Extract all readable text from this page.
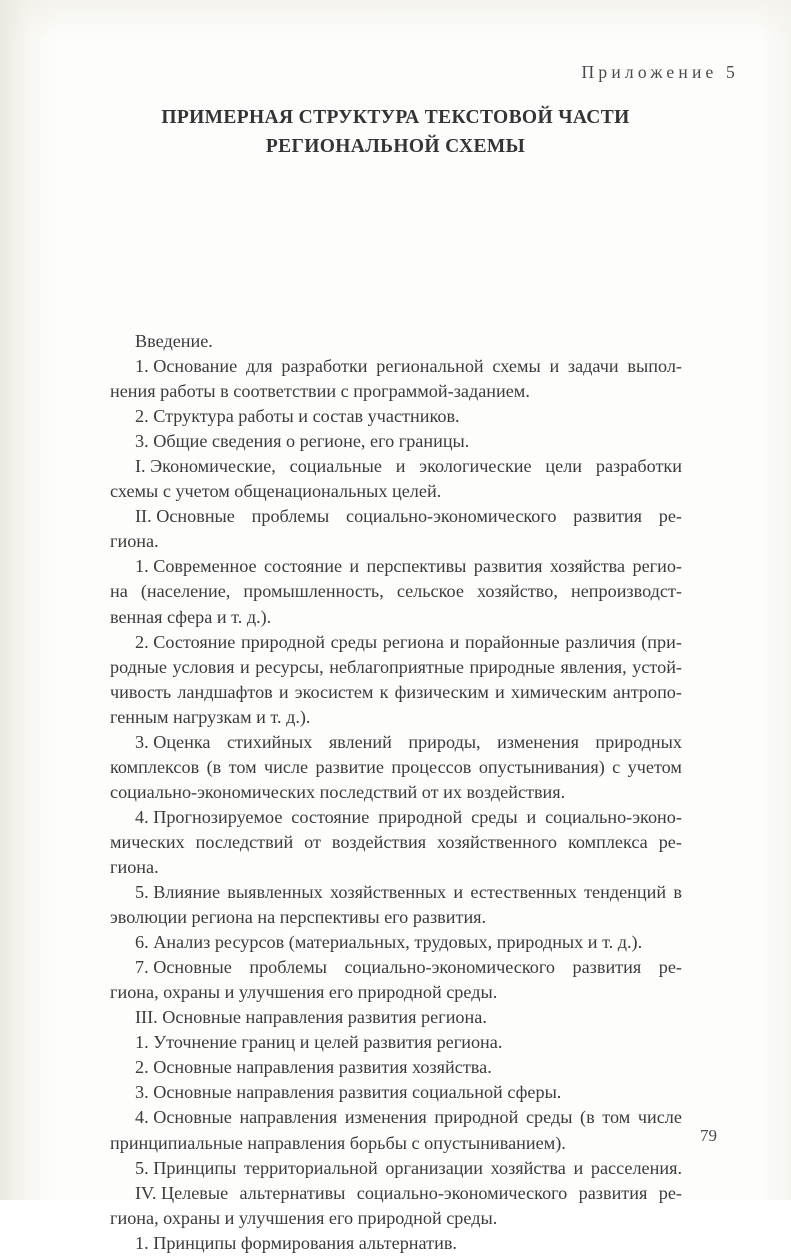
Приложение 5
ПРИМЕРНАЯ СТРУКТУРА ТЕКСТОВОЙ ЧАСТИ
РЕГИОНАЛЬНОЙ СХЕМЫ
Введение.
1. Основание для разработки региональной схемы и задачи выпол-
нения работы в соответствии с программой-заданием.
2. Структура работы и состав участников.
3. Общие сведения о регионе, его границы.
I. Экономические, социальные и экологические цели разработки
схемы с учетом общенациональных целей.
II. Основные проблемы социально-экономического развития ре-
гиона.
1. Современное состояние и перспективы развития хозяйства регио-
на (население, промышленность, сельское хозяйство, непроизводст-
венная сфера и т. д.).
2. Состояние природной среды региона и порайонные различия (при-
родные условия и ресурсы, неблагоприятные природные явления, устой-
чивость ландшафтов и экосистем к физическим и химическим антропо-
генным нагрузкам и т. д.).
3. Оценка стихийных явлений природы, изменения природных
комплексов (в том числе развитие процессов опустынивания) с учетом
социально-экономических последствий от их воздействия.
4. Прогнозируемое состояние природной среды и социально-эконо-
мических последствий от воздействия хозяйственного комплекса ре-
гиона.
5. Влияние выявленных хозяйственных и естественных тенденций в
эволюции региона на перспективы его развития.
6. Анализ ресурсов (материальных, трудовых, природных и т. д.).
7. Основные проблемы социально-экономического развития ре-
гиона, охраны и улучшения его природной среды.
III. Основные направления развития региона.
1. Уточнение границ и целей развития региона.
2. Основные направления развития хозяйства.
3. Основные направления развития социальной сферы.
4. Основные направления изменения природной среды (в том числе
принципиальные направления борьбы с опустыниванием).
5. Принципы территориальной организации хозяйства и расселения.
IV. Целевые альтернативы социально-экономического развития ре-
гиона, охраны и улучшения его природной среды.
1. Принципы формирования альтернатив.
79
